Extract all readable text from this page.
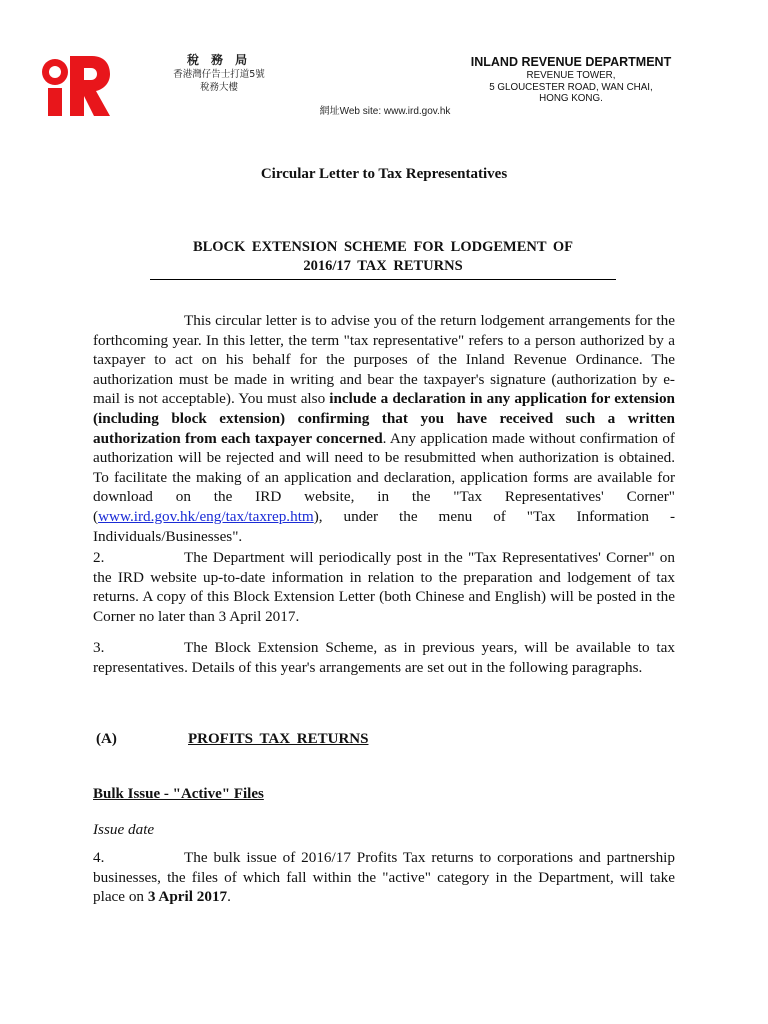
稅 務 局
香港灣仔告士打道5號
稅務大樓
網址Web site: www.ird.gov.hk
INLAND REVENUE DEPARTMENT
REVENUE TOWER,
5 GLOUCESTER ROAD, WAN CHAI,
HONG KONG.
Circular Letter to Tax Representatives
BLOCK EXTENSION SCHEME FOR LODGEMENT OF
2016/17 TAX RETURNS

This circular letter is to advise you of the return lodgement arrangements for the forthcoming year. In this letter, the term "tax representative" refers to a person authorized by a taxpayer to act on his behalf for the purposes of the Inland Revenue Ordinance. The authorization must be made in writing and bear the taxpayer's signature (authorization by e-mail is not acceptable). You must also include a declaration in any application for extension (including block extension) confirming that you have received such a written authorization from each taxpayer concerned. Any application made without confirmation of authorization will be rejected and will need to be resubmitted when authorization is obtained. To facilitate the making of an application and declaration, application forms are available for download on the IRD website, in the "Tax Representatives' Corner" (www.ird.gov.hk/eng/tax/taxrep.htm), under the menu of "Tax Information - Individuals/Businesses".

2.	The Department will periodically post in the "Tax Representatives' Corner" on the IRD website up-to-date information in relation to the preparation and lodgement of tax returns. A copy of this Block Extension Letter (both Chinese and English) will be posted in the Corner no later than 3 April 2017.

3.	The Block Extension Scheme, as in previous years, will be available to tax representatives. Details of this year's arrangements are set out in the following paragraphs.

(A)	PROFITS TAX RETURNS
Bulk Issue - "Active" Files
Issue date

4.	The bulk issue of 2016/17 Profits Tax returns to corporations and partnership businesses, the files of which fall within the "active" category in the Department, will take place on 3 April 2017.
